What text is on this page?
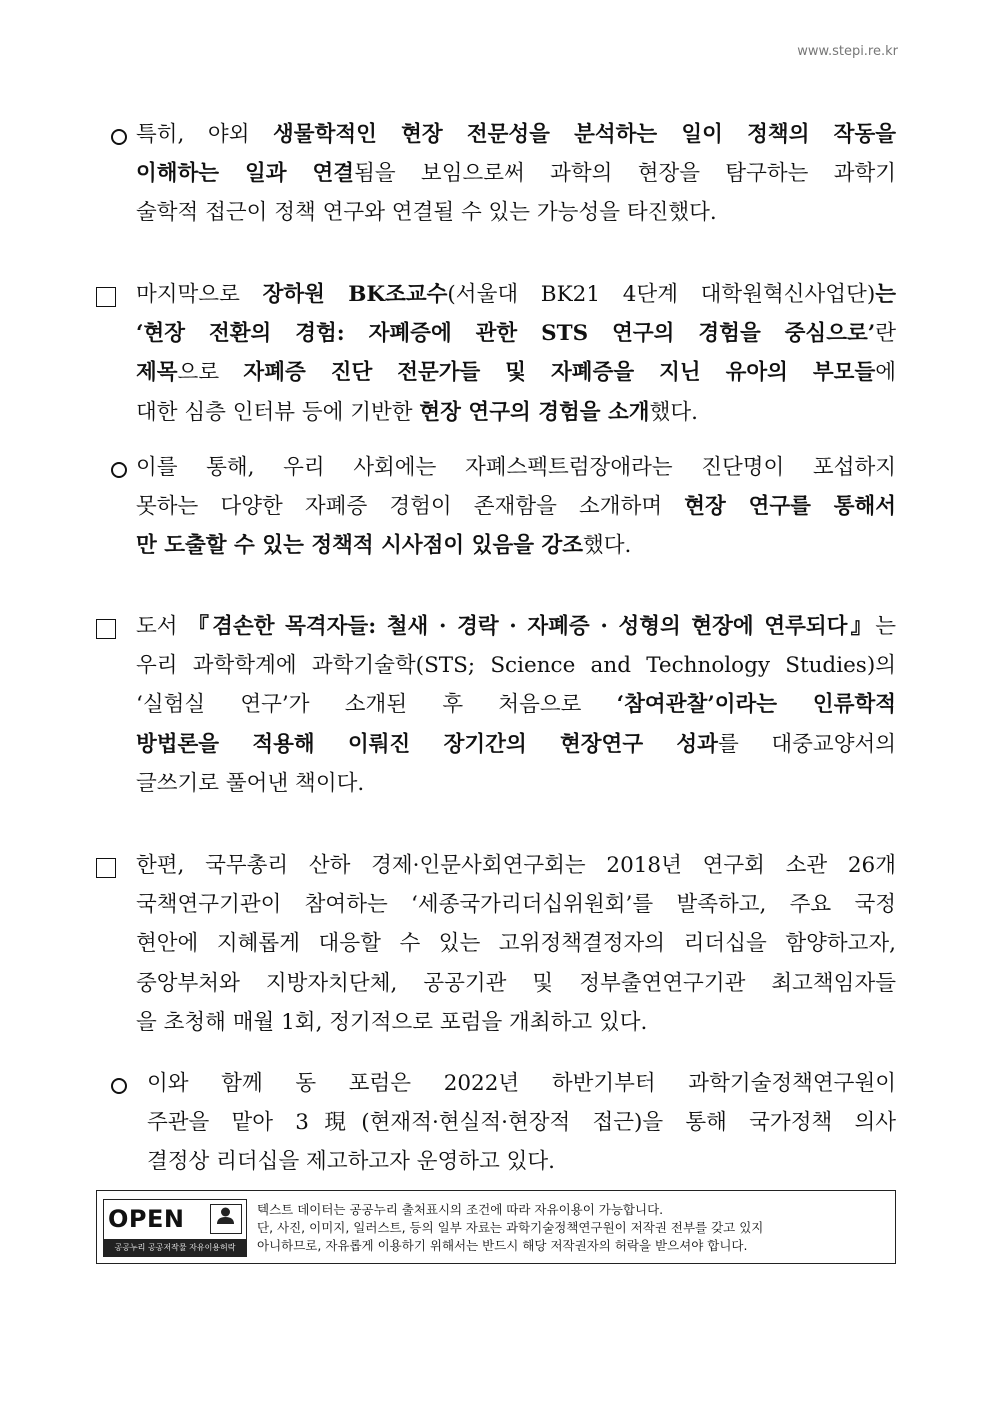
www.stepi.re.kr
특히, 야외 생물학적인 현장 전문성을 분석하는 일이 정책의 작동을
이해하는 일과 연결됨을 보임으로써 과학의 현장을 탐구하는 과학기
술학적 접근이 정책 연구와 연결될 수 있는 가능성을 타진했다.
마지막으로 장하원 BK조교수(서울대 BK21 4단계 대학원혁신사업단)는
‘현장 전환의 경험: 자폐증에 관한 STS 연구의 경험을 중심으로’란
제목으로 자폐증 진단 전문가들 및 자폐증을 지닌 유아의 부모들에
대한 심층 인터뷰 등에 기반한 현장 연구의 경험을 소개했다.
이를 통해, 우리 사회에는 자폐스펙트럼장애라는 진단명이 포섭하지
못하는 다양한 자폐증 경험이 존재함을 소개하며 현장 연구를 통해서
만 도출할 수 있는 정책적 시사점이 있음을 강조했다.
도서 『겸손한 목격자들: 철새 · 경락 · 자폐증 · 성형의 현장에 연루되다』는
우리 과학학계에 과학기술학(STS; Science and Technology Studies)의
‘실험실 연구’가 소개된 후 처음으로 ‘참여관찰’이라는 인류학적
방법론을 적용해 이뤄진 장기간의 현장연구 성과를 대중교양서의
글쓰기로 풀어낸 책이다.
한편, 국무총리 산하 경제·인문사회연구회는 2018년 연구회 소관 26개
국책연구기관이 참여하는 ‘세종국가리더십위원회’를 발족하고, 주요 국정
현안에 지혜롭게 대응할 수 있는 고위정책결정자의 리더십을 함양하고자,
중앙부처와 지방자치단체, 공공기관 및 정부출연연구기관 최고책임자들
을 초청해 매월 1회, 정기적으로 포럼을 개최하고 있다.
이와 함께 동 포럼은 2022년 하반기부터 과학기술정책연구원이
주관을 맡아 3現(현재적·현실적·현장적 접근)을 통해 국가정책 의사
결정상 리더십을 제고하고자 운영하고 있다.
OPEN
공공누리 공공저작물 자유이용허락
텍스트 데이터는 공공누리 출처표시의 조건에 따라 자유이용이 가능합니다.
단, 사진, 이미지, 일러스트, 등의 일부 자료는 과학기술정책연구원이 저작권 전부를 갖고 있지
아니하므로, 자유롭게 이용하기 위해서는 반드시 해당 저작권자의 허락을 받으셔야 합니다.
